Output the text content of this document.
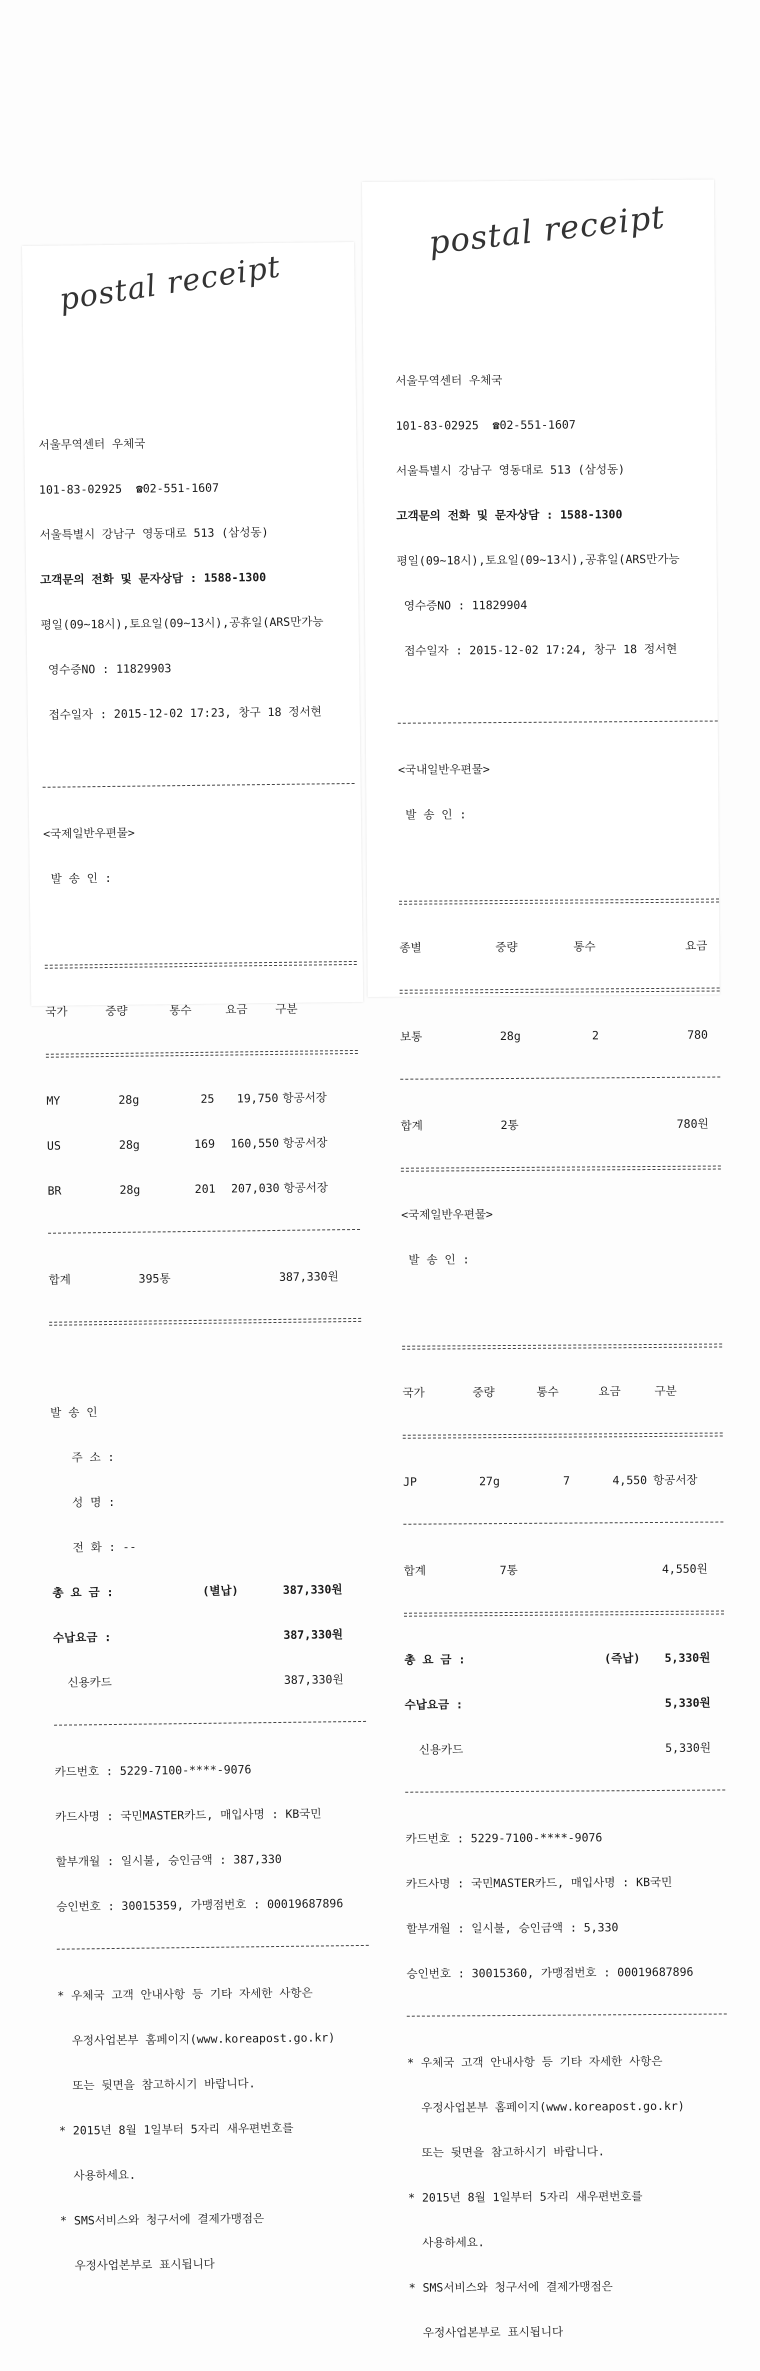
postal receipt

서울무역센터 우체국

101-83-02925  ☎02-551-1607

서울특별시 강남구 영동대로 513 (삼성동)

고객문의 전화 및 문자상담 : 1588-1300

평일(09~18시),토요일(09~13시),공휴일(ARS만가능

영수증NO : 11829903

접수일자 : 2015-12-02 17:23, 창구 18 정서현

<국제일반우편물>

발 송 인 :

국가	중량	통수	요금	구분

MY	28g	25	19,750 항공서장

US	28g	169	160,550 항공서장

BR	28g	201	207,030 항공서장

합계	395통	387,330원

발 송 인

주 소 :

성 명 :

전 화 : --

총 요 금 :	(별납)	387,330원

수납요금 :	387,330원

신용카드	387,330원

카드번호 : 5229-7100-****-9076

카드사명 : 국민MASTER카드, 매입사명 : KB국민

할부개월 : 일시불, 승인금액 : 387,330

승인번호 : 30015359, 가맹점번호 : 00019687896

* 우체국 고객 안내사항 등 기타 자세한 사항은

우정사업본부 홈페이지(www.koreapost.go.kr)

또는 뒷면을 참고하시기 바랍니다.

* 2015년 8월 1일부터 5자리 새우편번호를

사용하세요.

* SMS서비스와 청구서에 결제가맹점은

우정사업본부로 표시됩니다

postal receipt

서울무역센터 우체국

101-83-02925  ☎02-551-1607

서울특별시 강남구 영동대로 513 (삼성동)

고객문의 전화 및 문자상담 : 1588-1300

평일(09~18시),토요일(09~13시),공휴일(ARS만가능

영수증NO : 11829904

접수일자 : 2015-12-02 17:24, 창구 18 정서현

<국내일반우편물>

발 송 인 :

종별	중량	통수	요금

보통	28g	2	780

합계	2통	780원

<국제일반우편물>

발 송 인 :

국가	중량	통수	요금	구분

JP	27g	7	4,550 항공서장

합계	7통	4,550원

총 요 금 :	(즉납)	5,330원

수납요금 :	5,330원

신용카드	5,330원

카드번호 : 5229-7100-****-9076

카드사명 : 국민MASTER카드, 매입사명 : KB국민

할부개월 : 일시불, 승인금액 : 5,330

승인번호 : 30015360, 가맹점번호 : 00019687896

* 우체국 고객 안내사항 등 기타 자세한 사항은

우정사업본부 홈페이지(www.koreapost.go.kr)

또는 뒷면을 참고하시기 바랍니다.

* 2015년 8월 1일부터 5자리 새우편번호를

사용하세요.

* SMS서비스와 청구서에 결제가맹점은

우정사업본부로 표시됩니다
